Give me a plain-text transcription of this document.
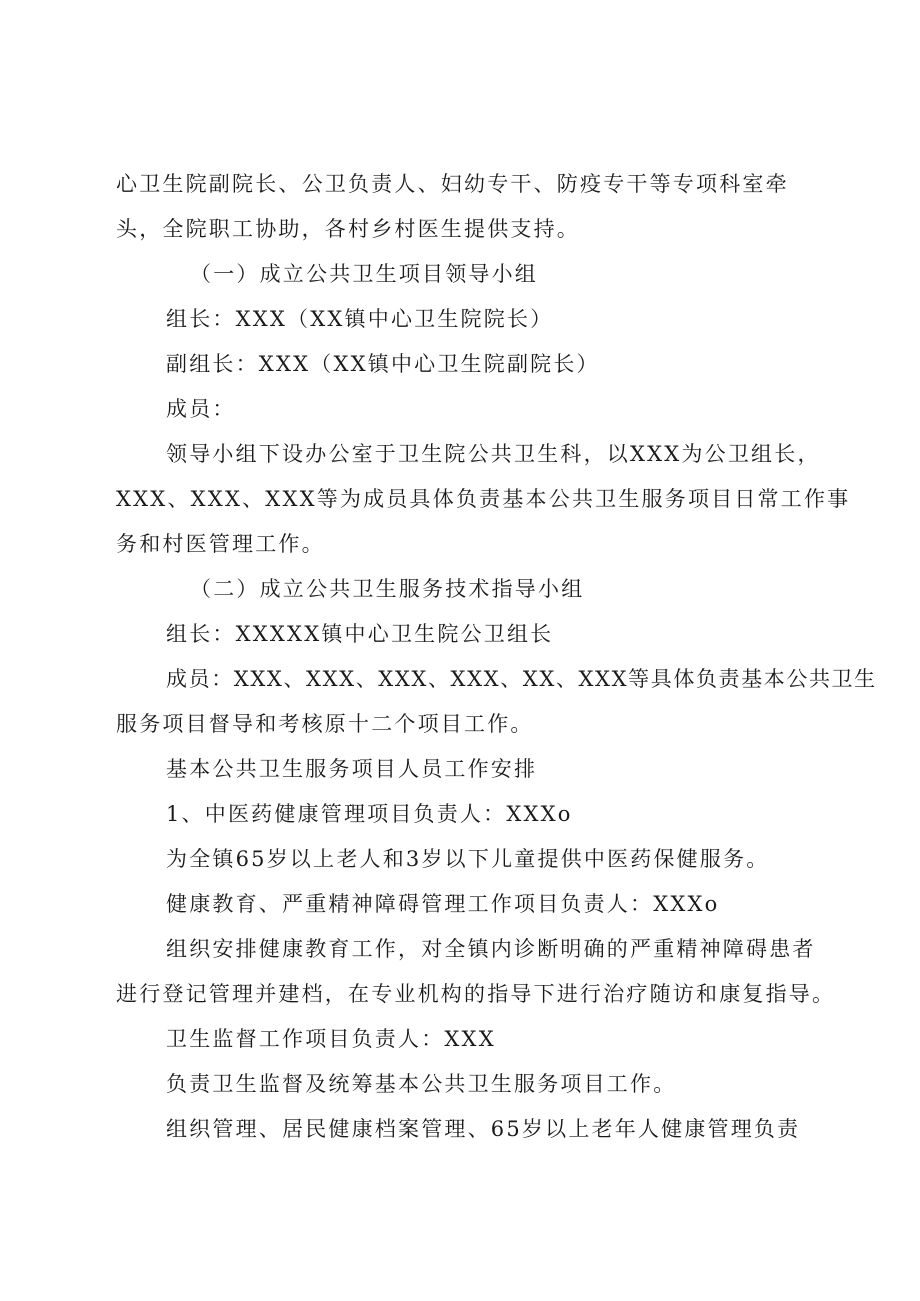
心卫生院副院长、公卫负责人、妇幼专干、防疫专干等专项科室牵
头，全院职工协助，各村乡村医生提供支持。
（一）成立公共卫生项目领导小组
组长：XXX（XX镇中心卫生院院长）
副组长：XXX（XX镇中心卫生院副院长）
成员：
领导小组下设办公室于卫生院公共卫生科，以XXX为公卫组长，
XXX、XXX、XXX等为成员具体负责基本公共卫生服务项目日常工作事
务和村医管理工作。
（二）成立公共卫生服务技术指导小组
组长：XXXXX镇中心卫生院公卫组长
成员：XXX、XXX、XXX、XXX、XX、XXX等具体负责基本公共卫生
服务项目督导和考核原十二个项目工作。
基本公共卫生服务项目人员工作安排
1、中医药健康管理项目负责人：XXXo
为全镇65岁以上老人和3岁以下儿童提供中医药保健服务。
健康教育、严重精神障碍管理工作项目负责人：XXXo
组织安排健康教育工作，对全镇内诊断明确的严重精神障碍患者
进行登记管理并建档，在专业机构的指导下进行治疗随访和康复指导。
卫生监督工作项目负责人：XXX
负责卫生监督及统筹基本公共卫生服务项目工作。
组织管理、居民健康档案管理、65岁以上老年人健康管理负责
